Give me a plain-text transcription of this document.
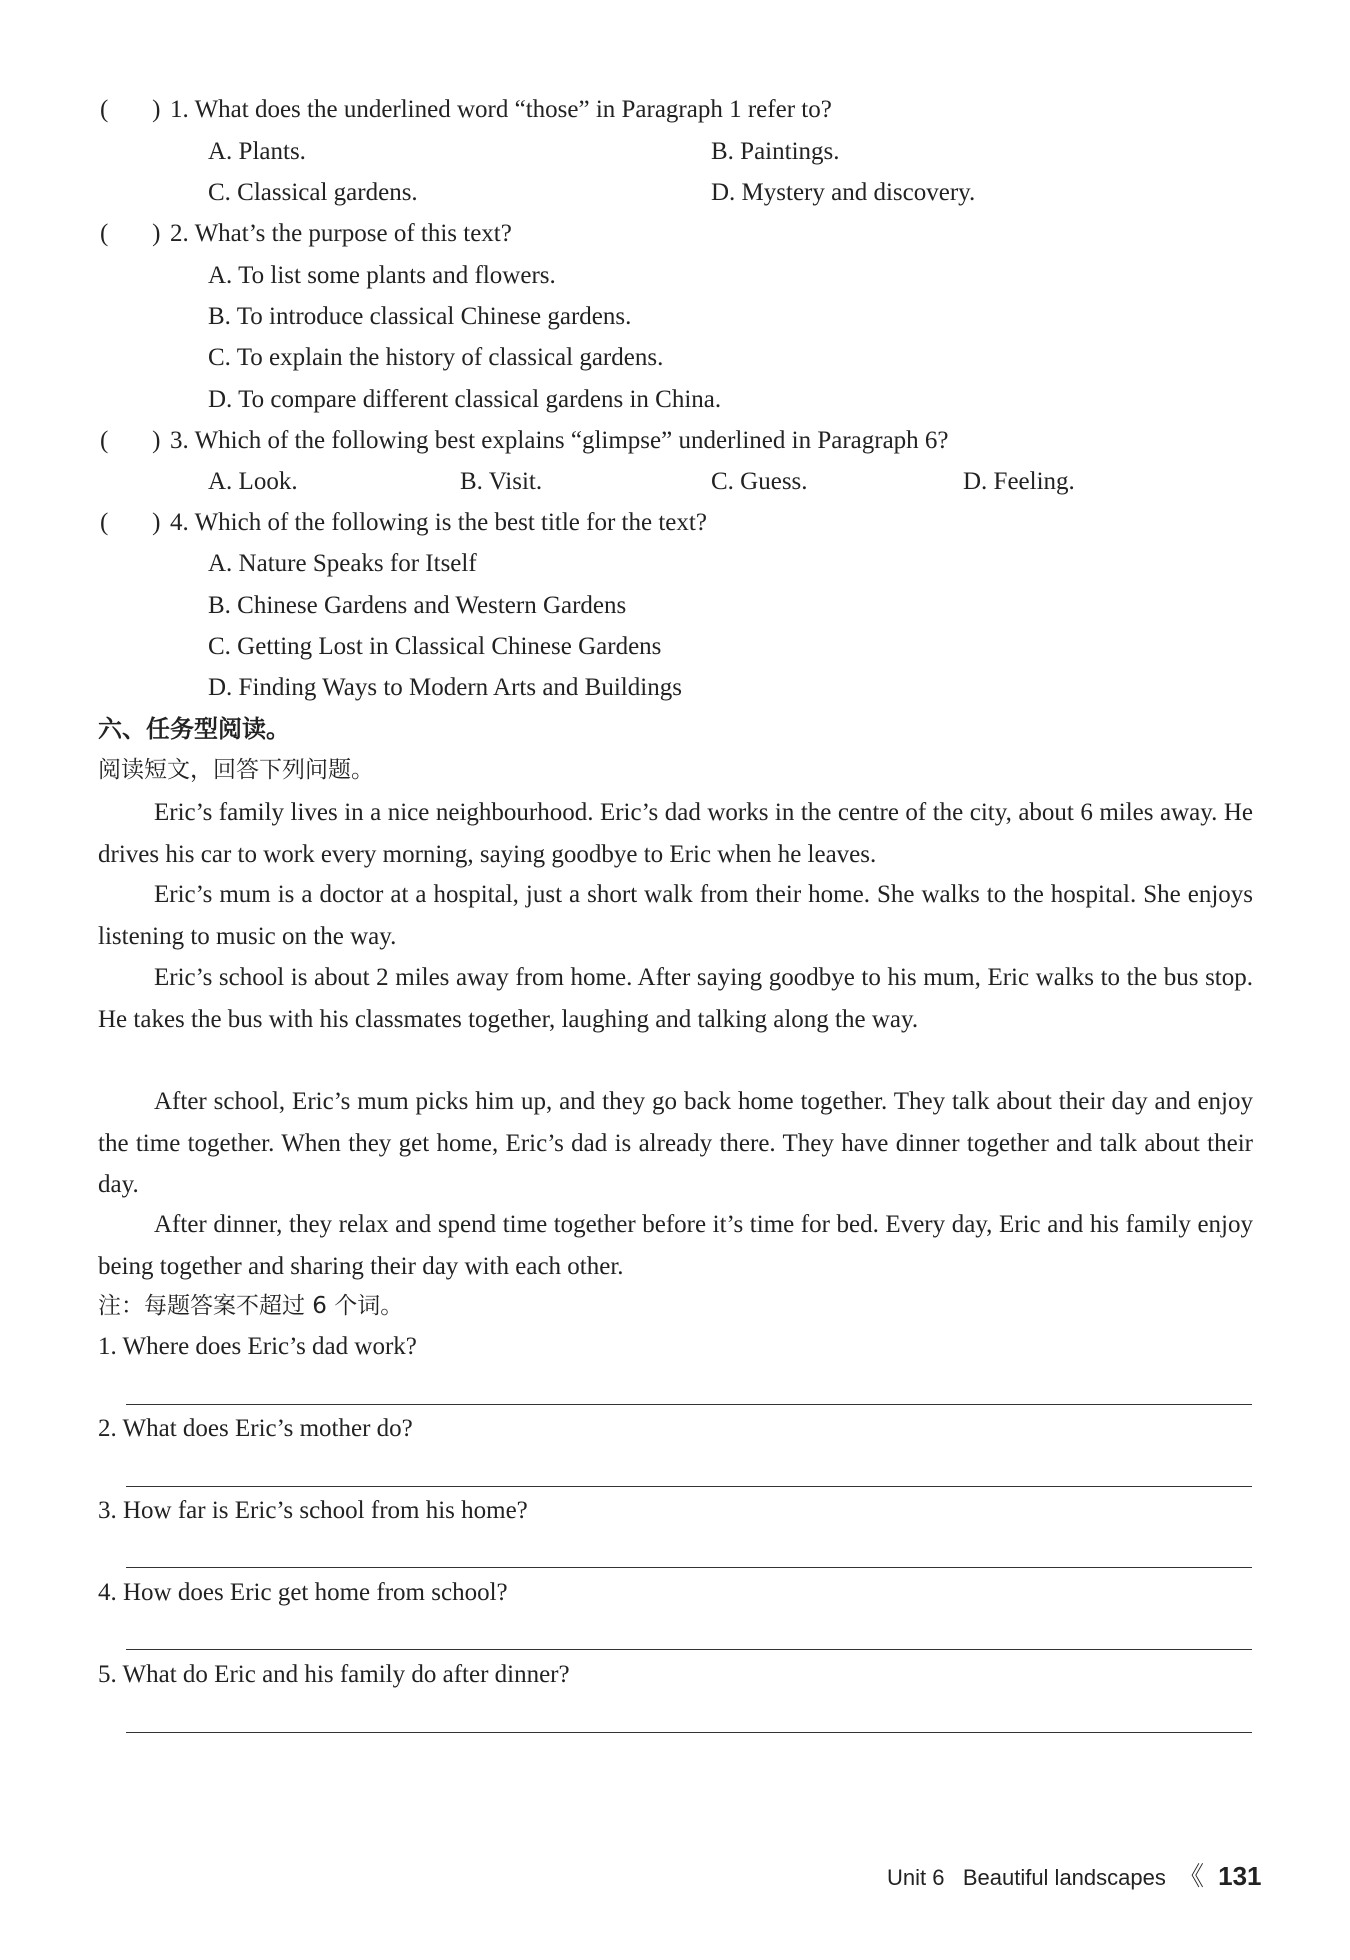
(       ) 1. What does the underlined word “those” in Paragraph 1 refer to?
A. Plants.	B. Paintings.
C. Classical gardens.	D. Mystery and discovery.
(       ) 2. What’s the purpose of this text?
A. To list some plants and flowers.
B. To introduce classical Chinese gardens.
C. To explain the history of classical gardens.
D. To compare different classical gardens in China.
(       ) 3. Which of the following best explains “glimpse” underlined in Paragraph 6?
A. Look.	B. Visit.	C. Guess.	D. Feeling.
(       ) 4. Which of the following is the best title for the text?
A. Nature Speaks for Itself
B. Chinese Gardens and Western Gardens
C. Getting Lost in Classical Chinese Gardens
D. Finding Ways to Modern Arts and Buildings
六、任务型阅读。
阅读短文，回答下列问题。
Eric’s family lives in a nice neighbourhood. Eric’s dad works in the centre of the city, about 6 miles away. He drives his car to work every morning, saying goodbye to Eric when he leaves.
Eric’s mum is a doctor at a hospital, just a short walk from their home. She walks to the hospital. She enjoys listening to music on the way.
Eric’s school is about 2 miles away from home. After saying goodbye to his mum, Eric walks to the bus stop. He takes the bus with his classmates together, laughing and talking along the way.
After school, Eric’s mum picks him up, and they go back home together. They talk about their day and enjoy the time together. When they get home, Eric’s dad is already there. They have dinner together and talk about their day.
After dinner, they relax and spend time together before it’s time for bed. Every day, Eric and his family enjoy being together and sharing their day with each other.
注：每题答案不超过 6 个词。
1. Where does Eric’s dad work?
2. What does Eric’s mother do?
3. How far is Eric’s school from his home?
4. How does Eric get home from school?
5. What do Eric and his family do after dinner?
Unit 6 Beautiful landscapes 《 131
